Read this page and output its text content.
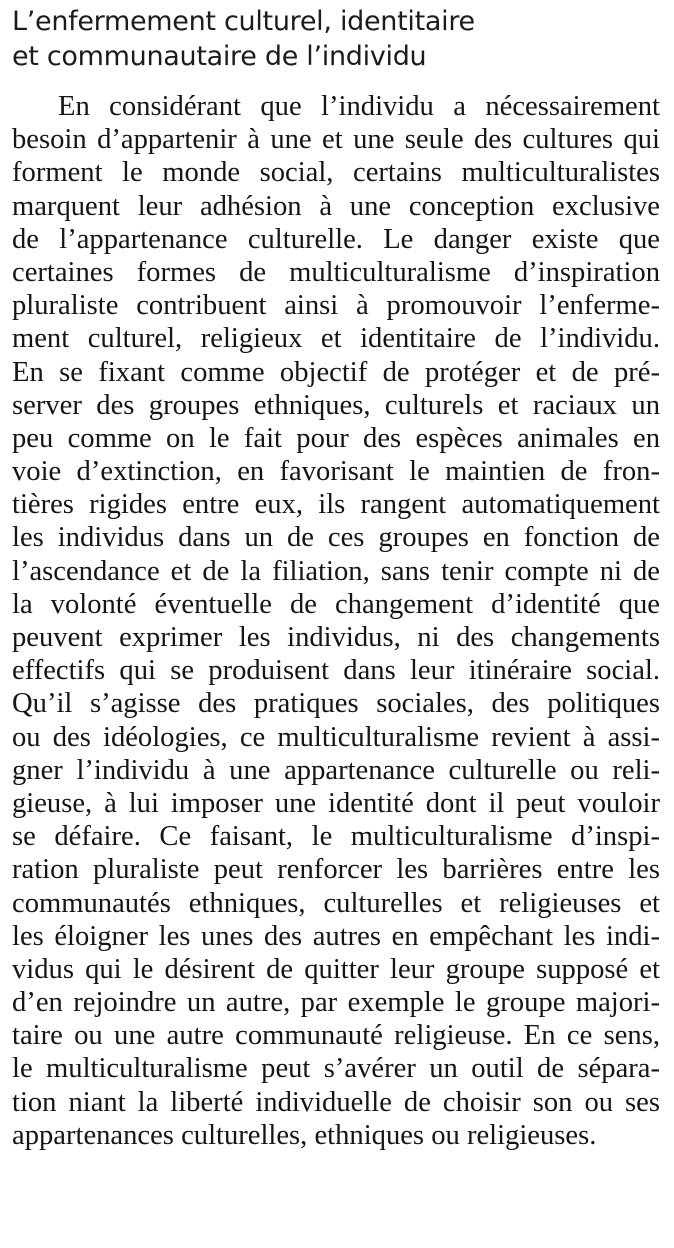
L’enfermement culturel, identitaire
et communautaire de l’individu

En considérant que l’individu a nécessairement
besoin d’appartenir à une et une seule des cultures qui
forment le monde social, certains multiculturalistes
marquent leur adhésion à une conception exclusive
de l’appartenance culturelle. Le danger existe que
certaines formes de multiculturalisme d’inspiration
pluraliste contribuent ainsi à promouvoir l’enferme-
ment culturel, religieux et identitaire de l’individu.
En se fixant comme objectif de protéger et de pré-
server des groupes ethniques, culturels et raciaux un
peu comme on le fait pour des espèces animales en
voie d’extinction, en favorisant le maintien de fron-
tières rigides entre eux, ils rangent automatiquement
les individus dans un de ces groupes en fonction de
l’ascendance et de la filiation, sans tenir compte ni de
la volonté éventuelle de changement d’identité que
peuvent exprimer les individus, ni des changements
effectifs qui se produisent dans leur itinéraire social.
Qu’il s’agisse des pratiques sociales, des politiques
ou des idéologies, ce multiculturalisme revient à assi-
gner l’individu à une appartenance culturelle ou reli-
gieuse, à lui imposer une identité dont il peut vouloir
se défaire. Ce faisant, le multiculturalisme d’inspi-
ration pluraliste peut renforcer les barrières entre les
communautés ethniques, culturelles et religieuses et
les éloigner les unes des autres en empêchant les indi-
vidus qui le désirent de quitter leur groupe supposé et
d’en rejoindre un autre, par exemple le groupe majori-
taire ou une autre communauté religieuse. En ce sens,
le multiculturalisme peut s’avérer un outil de sépara-
tion niant la liberté individuelle de choisir son ou ses
appartenances culturelles, ethniques ou religieuses.
